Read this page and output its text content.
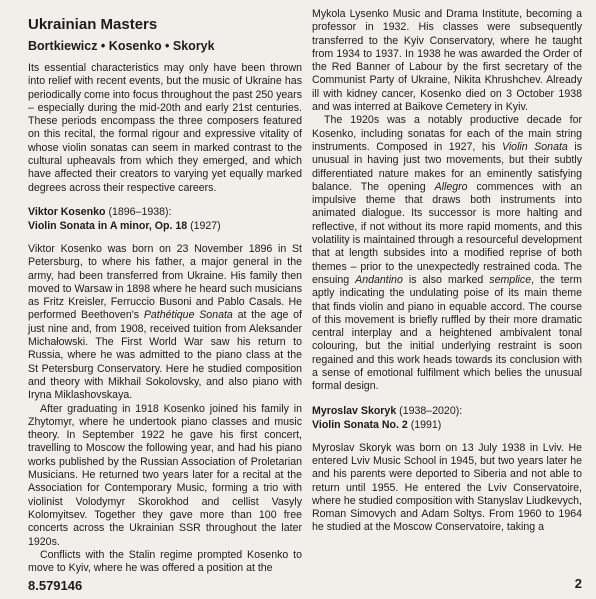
Ukrainian Masters
Bortkiewicz • Kosenko • Skoryk

Its essential characteristics may only have been thrown into relief with recent events, but the music of Ukraine has periodically come into focus throughout the past 250 years – especially during the mid-20th and early 21st centuries. These periods encompass the three composers featured on this recital, the formal rigour and expressive vitality of whose violin sonatas can seem in marked contrast to the cultural upheavals from which they emerged, and which have affected their creators to varying yet equally marked degrees across their respective careers.

Viktor Kosenko (1896–1938):
Violin Sonata in A minor, Op. 18 (1927)

Viktor Kosenko was born on 23 November 1896 in St Petersburg, to where his father, a major general in the army, had been transferred from Ukraine. His family then moved to Warsaw in 1898 where he heard such musicians as Fritz Kreisler, Ferruccio Busoni and Pablo Casals. He performed Beethoven's Pathétique Sonata at the age of just nine and, from 1908, received tuition from Aleksander Michałowski. The First World War saw his return to Russia, where he was admitted to the piano class at the St Petersburg Conservatory. Here he studied composition and theory with Mikhail Sokolovsky, and also piano with Iryna Miklashovskaya.

After graduating in 1918 Kosenko joined his family in Zhytomyr, where he undertook piano classes and music theory. In September 1922 he gave his first concert, travelling to Moscow the following year, and had his piano works published by the Russian Association of Proletarian Musicians. He returned two years later for a recital at the Association for Contemporary Music, forming a trio with violinist Volodymyr Skorokhod and cellist Vasyly Kolomyitsev. Together they gave more than 100 free concerts across the Ukrainian SSR throughout the later 1920s.

Conflicts with the Stalin regime prompted Kosenko to move to Kyiv, where he was offered a position at the

Mykola Lysenko Music and Drama Institute, becoming a professor in 1932. His classes were subsequently transferred to the Kyiv Conservatory, where he taught from 1934 to 1937. In 1938 he was awarded the Order of the Red Banner of Labour by the first secretary of the Communist Party of Ukraine, Nikita Khrushchev. Already ill with kidney cancer, Kosenko died on 3 October 1938 and was interred at Baikove Cemetery in Kyiv.

The 1920s was a notably productive decade for Kosenko, including sonatas for each of the main string instruments. Composed in 1927, his Violin Sonata is unusual in having just two movements, but their subtly differentiated nature makes for an eminently satisfying balance. The opening Allegro commences with an impulsive theme that draws both instruments into animated dialogue. Its successor is more halting and reflective, if not without its more rapid moments, and this volatility is maintained through a resourceful development that at length subsides into a modified reprise of both themes – prior to the unexpectedly restrained coda. The ensuing Andantino is also marked semplice, the term aptly indicating the undulating poise of its main theme that finds violin and piano in equable accord. The course of this movement is briefly ruffled by their more dramatic central interplay and a heightened ambivalent tonal colouring, but the initial underlying restraint is soon regained and this work heads towards its conclusion with a sense of emotional fulfilment which belies the unusual formal design.

Myroslav Skoryk (1938–2020):
Violin Sonata No. 2 (1991)

Myroslav Skoryk was born on 13 July 1938 in Lviv. He entered Lviv Music School in 1945, but two years later he and his parents were deported to Siberia and not able to return until 1955. He entered the Lviv Conservatoire, where he studied composition with Stanyslav Liudkevych, Roman Simovych and Adam Soltys. From 1960 to 1964 he studied at the Moscow Conservatoire, taking a

8.579146	2
